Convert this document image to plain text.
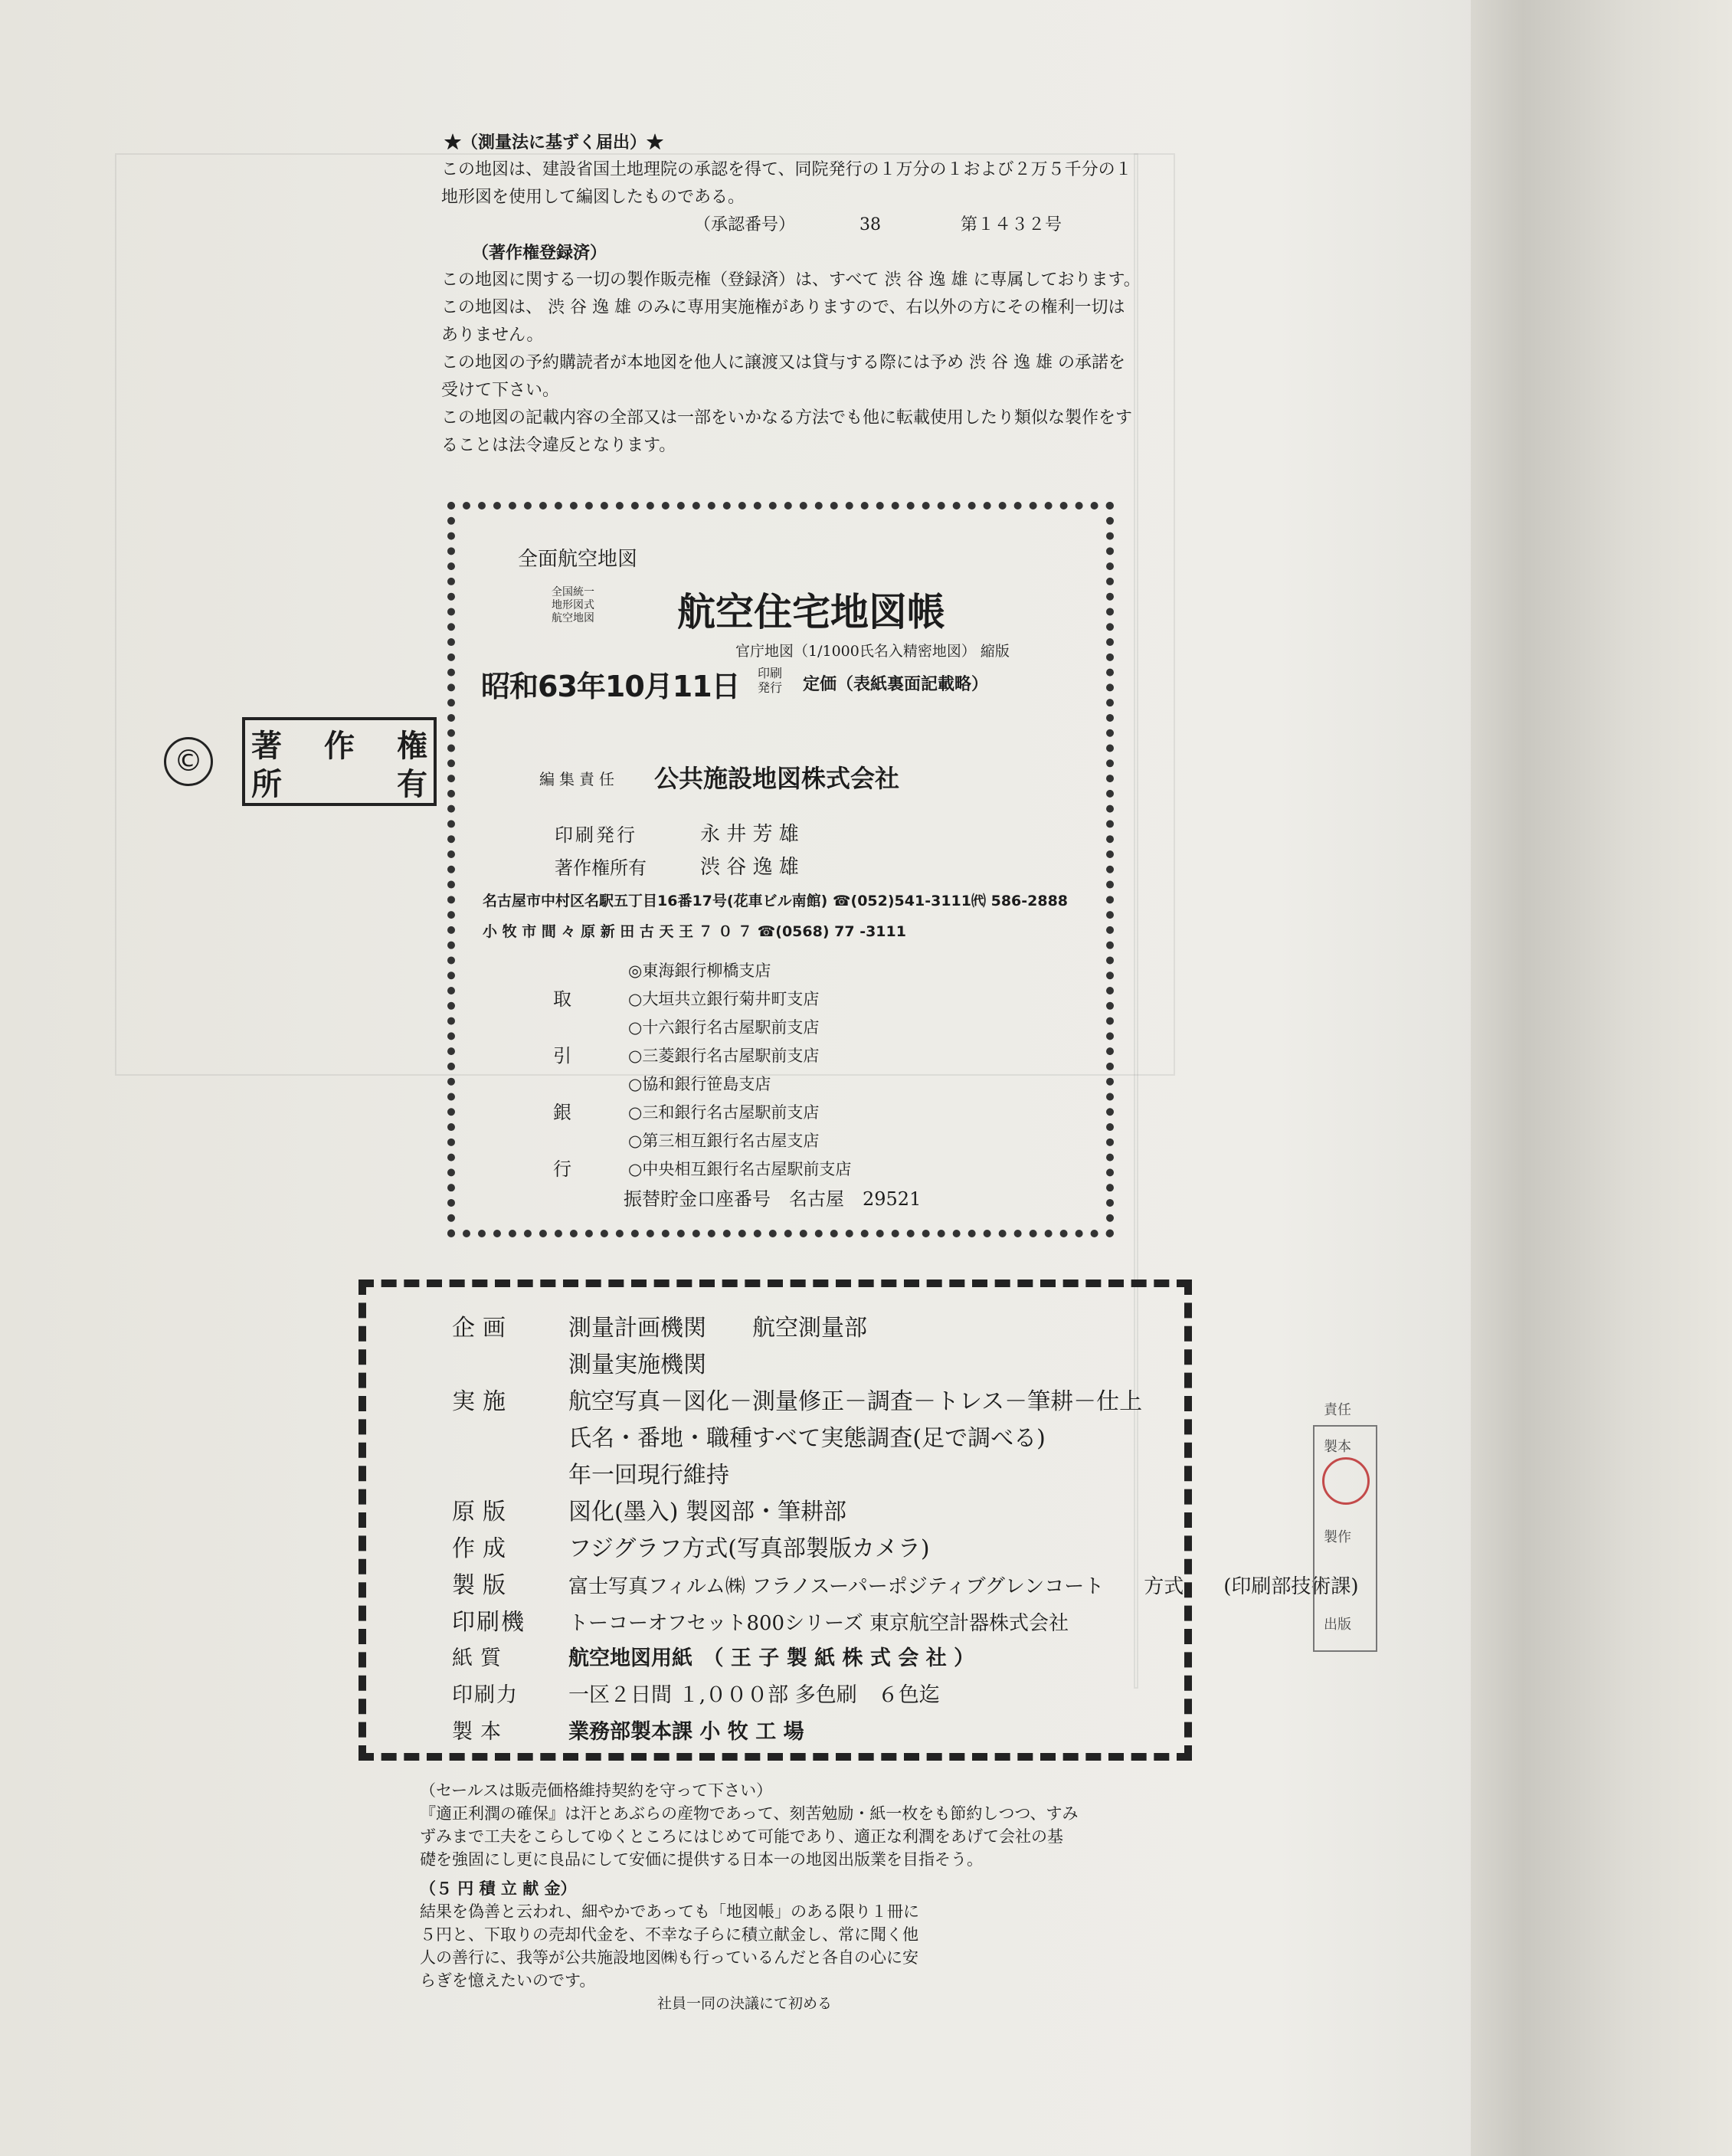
★（測量法に基ずく届出）★

この地図は、建設省国土地理院の承認を得て、同院発行の１万分の１および２万５千分の１

地形図を使用して編図したものである。

（承認番号）	38	第１４３２号

（著作権登録済）

この地図に関する一切の製作販売権（登録済）は、すべて 渋 谷 逸 雄 に専属しております。

この地図は、 渋 谷 逸 雄 のみに専用実施権がありますので、右以外の方にその権利一切は

ありません。

この地図の予約購読者が本地図を他人に譲渡又は貸与する際には予め 渋 谷 逸 雄 の承諾を

受けて下さい。

この地図の記載内容の全部又は一部をいかなる方法でも他に転載使用したり類似な製作をす

ることは法令違反となります。

©	著 作 権
所	有
全面航空地図
全国統一
地形図式
航空地図 航空住宅地図帳
官庁地図（1/1000氏名入精密地図） 縮版
昭和63年10月11日 印刷
発行 定価（表紙裏面記載略）
編集責任 公共施設地図株式会社
印刷発行	永 井 芳 雄
著作権所有	渋 谷 逸 雄
名古屋市中村区名駅五丁目16番17号(花車ビル南館) ☎(052)541-3111㈹ 586-2888
小 牧 市 間 々 原 新 田 古 天 王 ７ ０ ７ ☎(0568) 77 -3111
取
引
銀
行
◎東海銀行柳橋支店
○大垣共立銀行菊井町支店
○十六銀行名古屋駅前支店
○三菱銀行名古屋駅前支店
○協和銀行笹島支店
○三和銀行名古屋駅前支店
○第三相互銀行名古屋支店
○中央相互銀行名古屋駅前支店
振替貯金口座番号　名古屋　29521
企画 測量計画機関　　航空測量部
測量実施機関
実施 航空写真－図化－測量修正－調査－トレス－筆耕－仕上
氏名・番地・職種すべて実態調査(足で調べる)
年一回現行維持
原版 図化(墨入) 製図部・筆耕部
作成 フジグラフ方式(写真部製版カメラ)
製版	富士写真フィルム㈱ フラノスーパーポジティブグレンコート　　方式　　(印刷部技術課)
印刷機 トーコーオフセット800シリーズ 東京航空計器株式会社
紙質	航空地図用紙　（ 王 子 製 紙 株 式 会 社 ）
印刷力 一区２日間 １,０００部 多色刷　６色迄
製本	業務部製本課 小 牧 工 場

（セールスは販売価格維持契約を守って下さい）

『適正利潤の確保』は汗とあぶらの産物であって、刻苦勉励・紙一枚をも節約しつつ、すみ

ずみまで工夫をこらしてゆくところにはじめて可能であり、適正な利潤をあげて会社の基

礎を強固にし更に良品にして安価に提供する日本一の地図出版業を目指そう。

（５ 円 積 立 献 金）

結果を偽善と云われ、細やかであっても「地図帳」のある限り１冊に

５円と、下取りの売却代金を、不幸な子らに積立献金し、常に聞く他

人の善行に、我等が公共施設地図㈱も行っているんだと各自の心に安

らぎを憶えたいのです。

社員一同の決議にて初める

責任
製本
製作
出版
